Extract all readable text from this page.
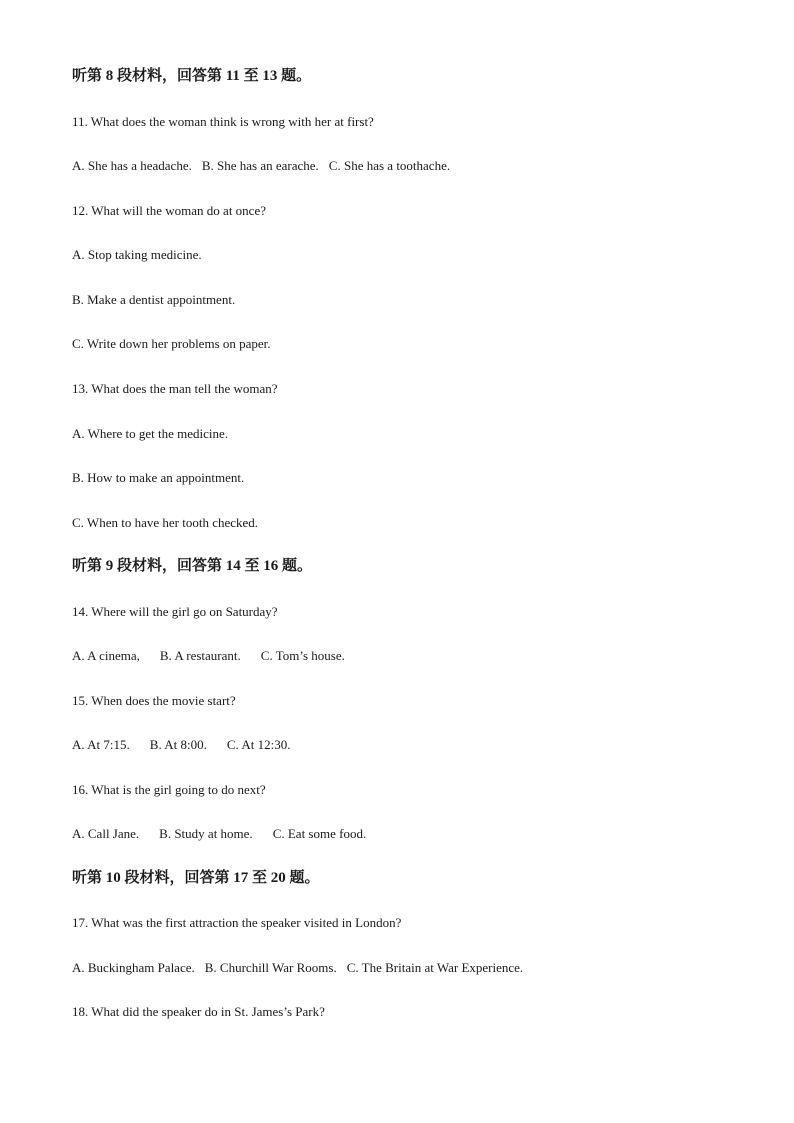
听第 8 段材料，回答第 11 至 13 题。
11. What does the woman think is wrong with her at first?
A. She has a headache. B. She has an earache. C. She has a toothache.
12. What will the woman do at once?
A. Stop taking medicine.
B. Make a dentist appointment.
C. Write down her problems on paper.
13. What does the man tell the woman?
A. Where to get the medicine.
B. How to make an appointment.
C. When to have her tooth checked.
听第 9 段材料，回答第 14 至 16 题。
14. Where will the girl go on Saturday?
A. A cinema, B. A restaurant. C. Tom’s house.
15. When does the movie start?
A. At 7:15. B. At 8:00. C. At 12:30.
16. What is the girl going to do next?
A. Call Jane. B. Study at home. C. Eat some food.
听第 10 段材料，回答第 17 至 20 题。
17. What was the first attraction the speaker visited in London?
A. Buckingham Palace. B. Churchill War Rooms. C. The Britain at War Experience.
18. What did the speaker do in St. James’s Park?
